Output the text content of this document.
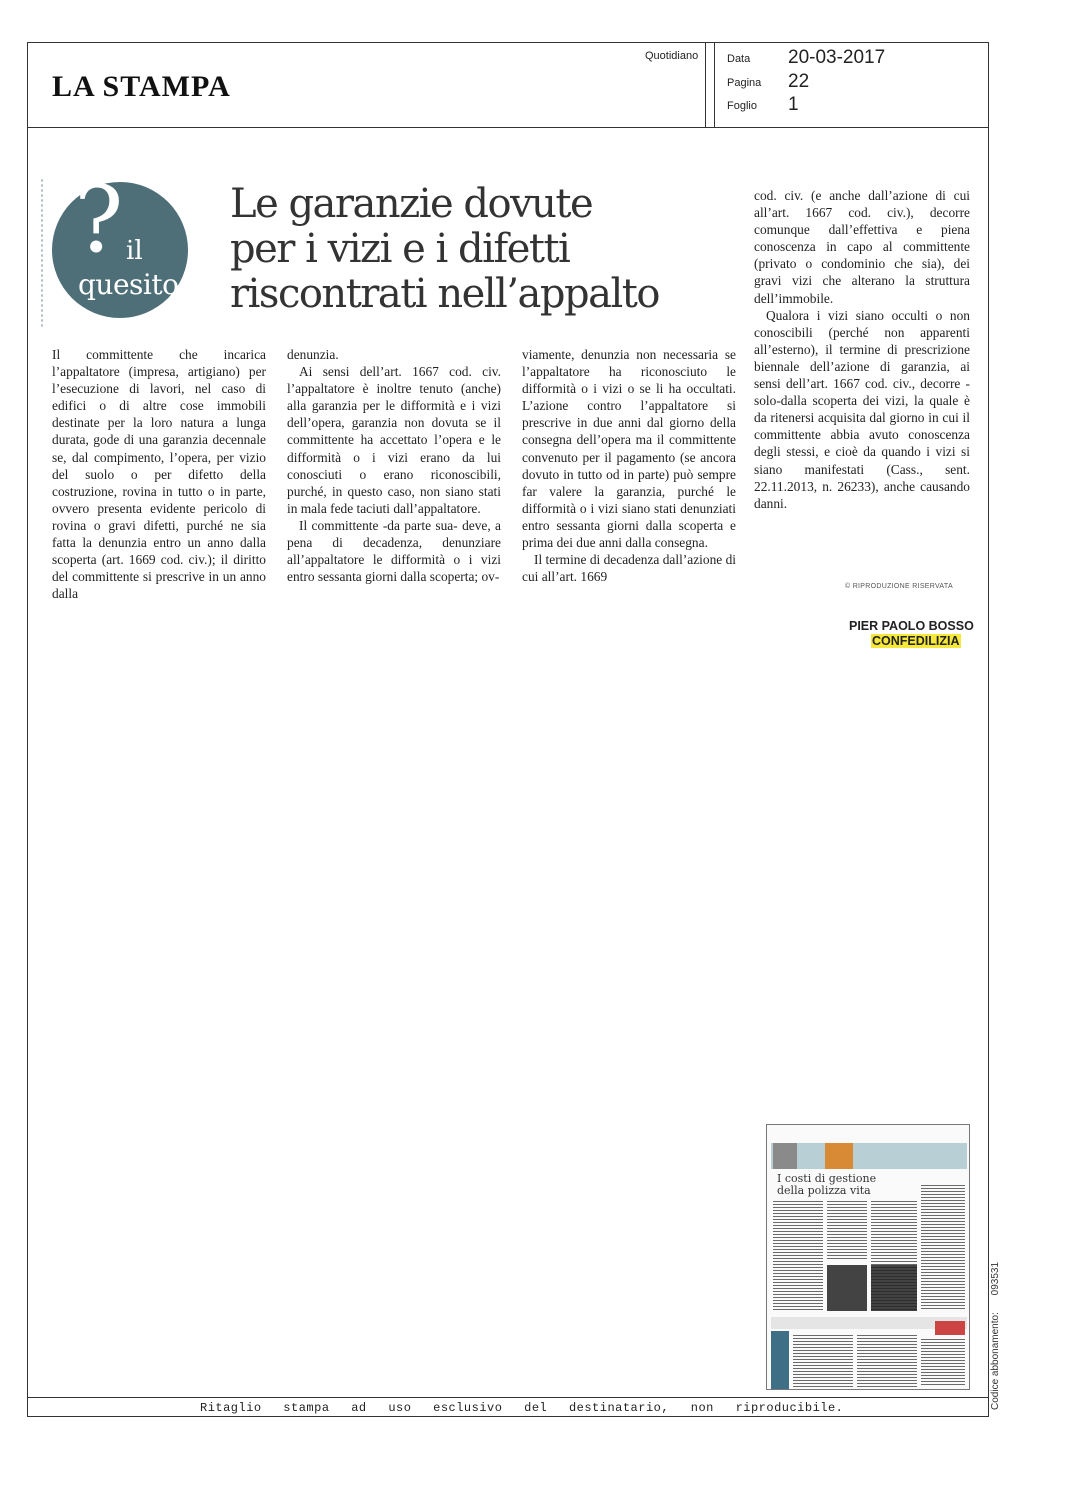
LA STAMPA
Quotidiano	Data 20-03-2017
Pagina 22
Foglio 1
? il
quesito
Le garanzie dovute
per i vizi e i difetti
riscontrati nell’appalto

Il committente che incarica l’appaltatore (impresa, artigiano) per l’esecuzione di lavori, nel caso di edifici o di altre cose immobili destinate per la loro natura a lunga durata, gode di una garanzia decennale se, dal compimento, l’opera, per vizio del suolo o per difetto della costruzione, rovina in tutto o in parte, ovvero presenta evidente pericolo di rovina o gravi difetti, purché ne sia fatta la denunzia entro un anno dalla scoperta (art. 1669 cod. civ.); il diritto del committente si prescrive in un anno dalla

denunzia.

Ai sensi dell’art. 1667 cod. civ. l’appaltatore è inoltre tenuto (anche) alla garanzia per le difformità e i vizi dell’opera, garanzia non dovuta se il committente ha accettato l’opera e le difformità o i vizi erano da lui conosciuti o erano riconoscibili, purché, in questo caso, non siano stati in mala fede taciuti dall’appaltatore.

Il committente -da parte sua- deve, a pena di decadenza, denunziare all’appaltatore le difformità o i vizi entro sessanta giorni dalla scoperta; ov-

viamente, denunzia non necessaria se l’appaltatore ha riconosciuto le difformità o i vizi o se li ha occultati. L’azione contro l’appaltatore si prescrive in due anni dal giorno della consegna dell’opera ma il committente convenuto per il pagamento (se ancora dovuto in tutto od in parte) può sempre far valere la garanzia, purché le difformità o i vizi siano stati denunziati entro sessanta giorni dalla scoperta e prima dei due anni dalla consegna.

Il termine di decadenza dall’azione di cui all’art. 1669

cod. civ. (e anche dall’azione di cui all’art. 1667 cod. civ.), decorre comunque dall’effettiva e piena conoscenza in capo al committente (privato o condominio che sia), dei gravi vizi che alterano la struttura dell’immobile.

Qualora i vizi siano occulti o non conoscibili (perché non apparenti all’esterno), il termine di prescrizione biennale dell’azione di garanzia, ai sensi dell’art. 1667 cod. civ., decorre -solo-dalla scoperta dei vizi, la quale è da ritenersi acquisita dal giorno in cui il committente abbia avuto conoscenza degli stessi, e cioè da quando i vizi si siano manifestati (Cass., sent. 22.11.2013, n. 26233), anche causando danni.

© RIPRODUZIONE RISERVATA
PIER PAOLO BOSSO
CONFEDILIZIA
I costi di gestione
della polizza vita
Ritaglio stampa ad uso esclusivo del destinatario, non riproducibile.	Codice abbonamento: 093531
